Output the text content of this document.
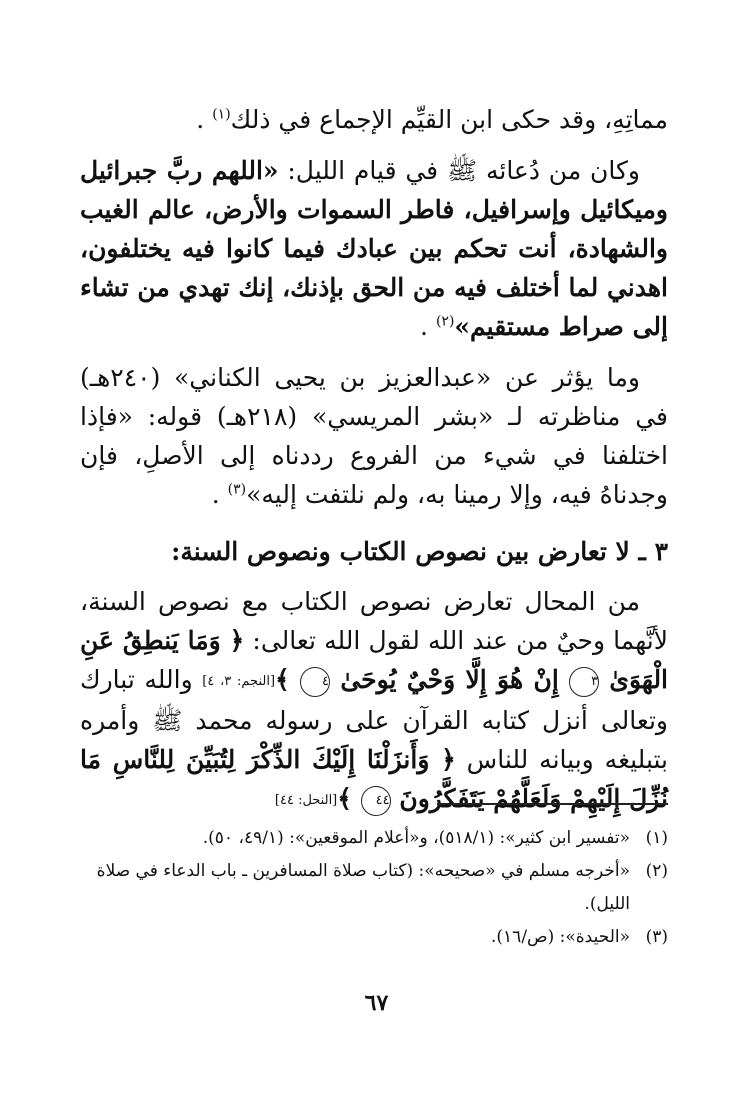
مماتِهِ، وقد حكى ابن القيِّم الإجماع في ذلك$^{(١)}$ .

وكان من دُعائه ﷺ في قيام الليل: «اللهم ربَّ جبرائيل وميكائيل وإسرافيل، فاطر السموات والأرض، عالم الغيب والشهادة، أنت تحكم بين عبادك فيما كانوا فيه يختلفون، اهدني لما أختلف فيه من الحق بإذنك، إنك تهدي من تشاء إلى صراط مستقيم»$^{(٢)}$ .

وما يؤثر عن «عبدالعزيز بن يحيى الكناني» (٢٤٠هـ) في مناظرته لـ «بشر المريسي» (٢١٨هـ) قوله: «فإذا اختلفنا في شيء من الفروع رددناه إلى الأصلِ، فإن وجدناهُ فيه، وإلا رمينا به، ولم نلتفت إليه»$^{(٣)}$ .

٣ ـ لا تعارض بين نصوص الكتاب ونصوص السنة:

من المحال تعارض نصوص الكتاب مع نصوص السنة، لأنَّهما وحيٌ من عند الله لقول الله تعالى: ﴿ وَمَا يَنطِقُ عَنِ الْهَوَىٰ ٣ إِنْ هُوَ إِلَّا وَحْيٌ يُوحَىٰ ٤ ﴾[النجم: ٣، ٤] والله تبارك وتعالى أنزل كتابه القرآن على رسوله محمد ﷺ وأمره بتبليغه وبيانه للناس ﴿ وَأَنزَلْنَا إِلَيْكَ الذِّكْرَ لِتُبَيِّنَ لِلنَّاسِ مَا نُزِّلَ إِلَيْهِمْ وَلَعَلَّهُمْ يَتَفَكَّرُونَ ٤٤ ﴾[النحل: ٤٤]

(١)
«تفسير ابن كثير»: (٥١٨/١)، و«أعلام الموقعين»: (٤٩/١، ٥٠).
(٢)
«أخرجه مسلم في «صحيحه»: (كتاب صلاة المسافرين ـ باب الدعاء في صلاة الليل).
(٣)
«الحيدة»: (ص/١٦).
٦٧
